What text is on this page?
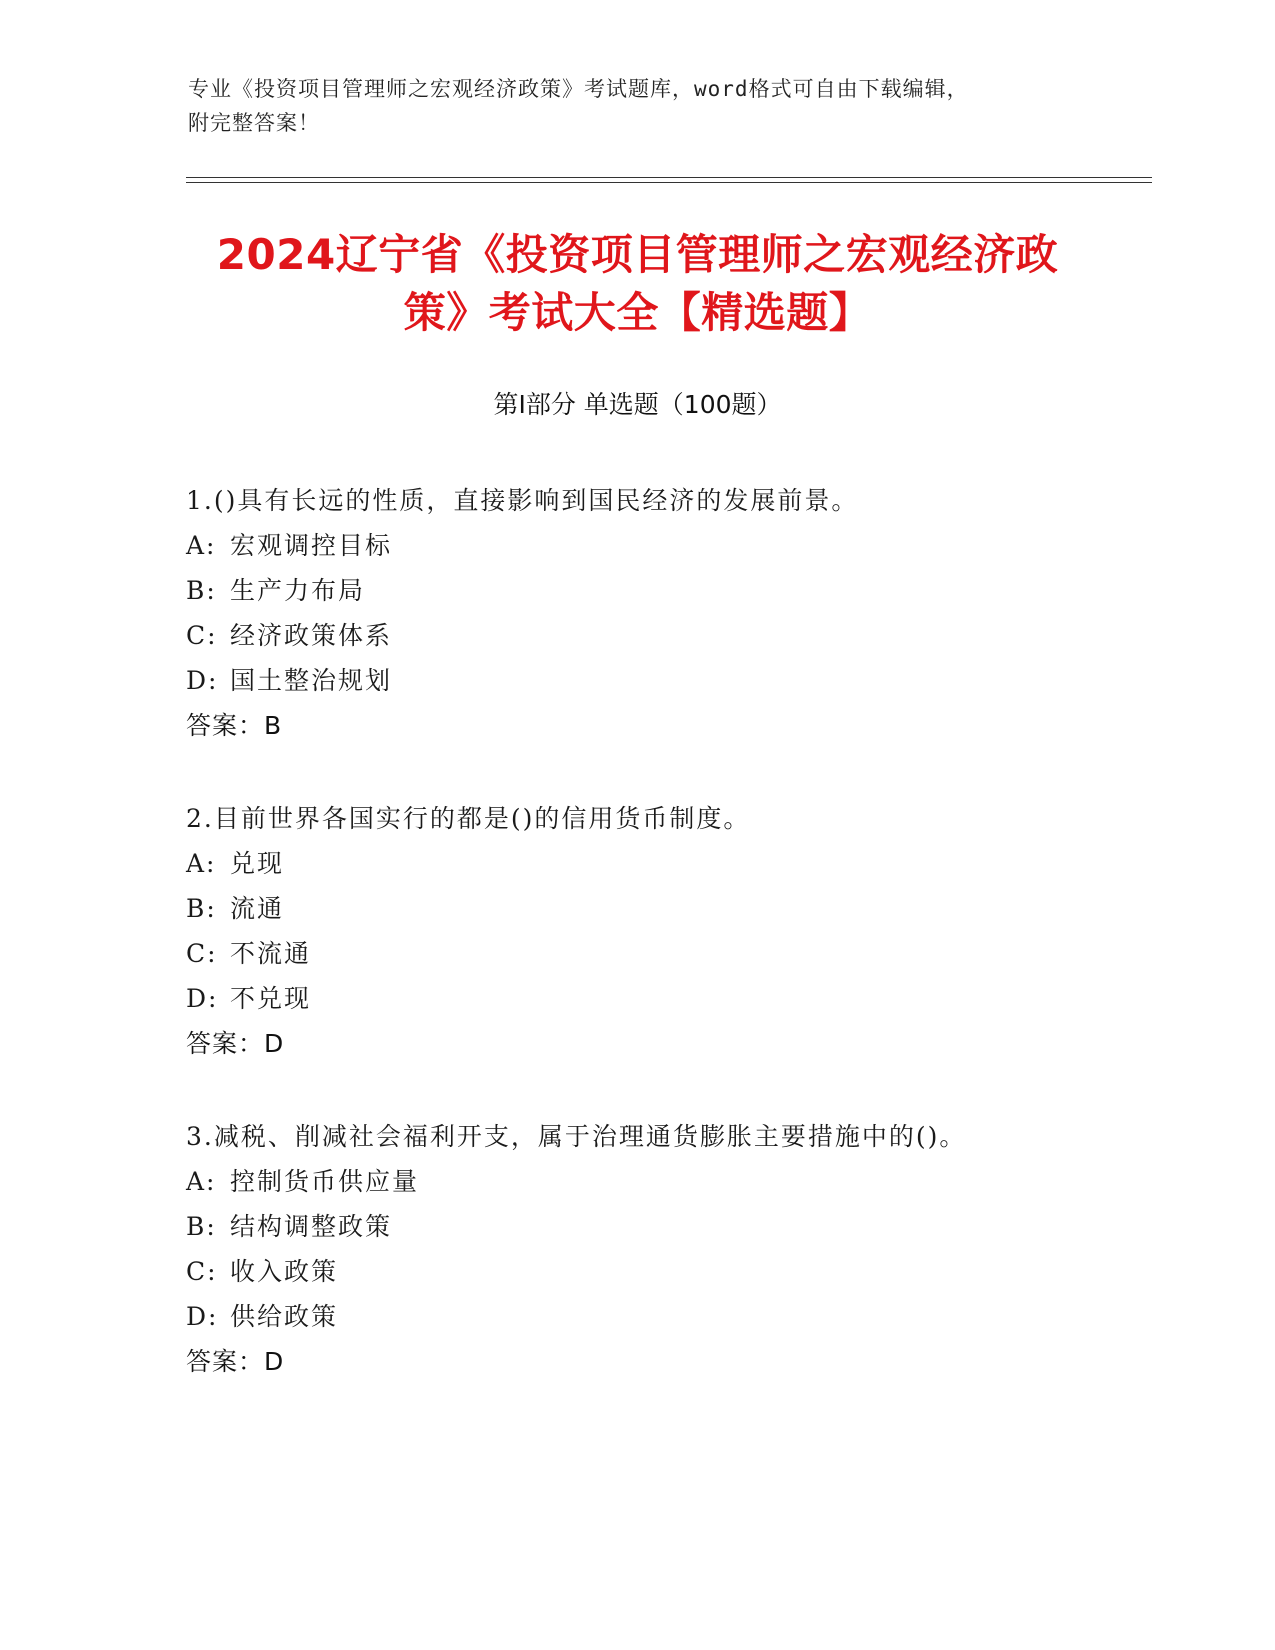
专业《投资项目管理师之宏观经济政策》考试题库，word格式可自由下载编辑，
附完整答案！
2024辽宁省《投资项目管理师之宏观经济政
策》考试大全【精选题】
第Ⅰ部分 单选题（100题）
1.()具有长远的性质，直接影响到国民经济的发展前景。
A: 宏观调控目标
B: 生产力布局
C: 经济政策体系
D: 国土整治规划
答案：B
2.目前世界各国实行的都是()的信用货币制度。
A: 兑现
B: 流通
C: 不流通
D: 不兑现
答案：D
3.减税、削减社会福利开支，属于治理通货膨胀主要措施中的()。
A: 控制货币供应量
B: 结构调整政策
C: 收入政策
D: 供给政策
答案：D
